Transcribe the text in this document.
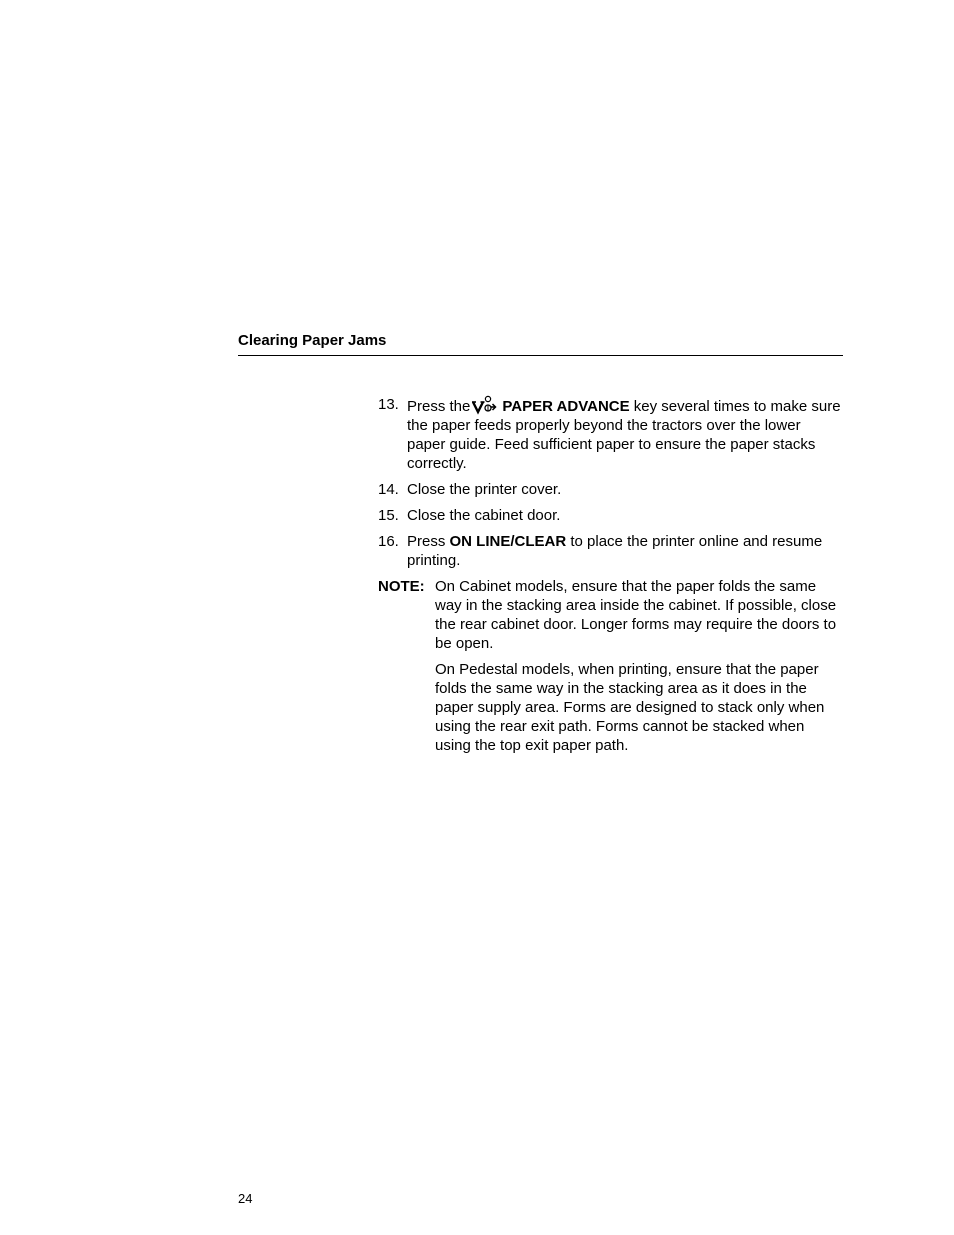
Clearing Paper Jams
13. Press the PAPER ADVANCE key several times to make sure the paper feeds properly beyond the tractors over the lower paper guide. Feed sufficient paper to ensure the paper stacks correctly.
14. Close the printer cover.
15. Close the cabinet door.
16. Press ON LINE/CLEAR to place the printer online and resume printing.
NOTE: On Cabinet models, ensure that the paper folds the same way in the stacking area inside the cabinet. If possible, close the rear cabinet door. Longer forms may require the doors to be open.
On Pedestal models, when printing, ensure that the paper folds the same way in the stacking area as it does in the paper supply area. Forms are designed to stack only when using the rear exit path. Forms cannot be stacked when using the top exit paper path.
24
